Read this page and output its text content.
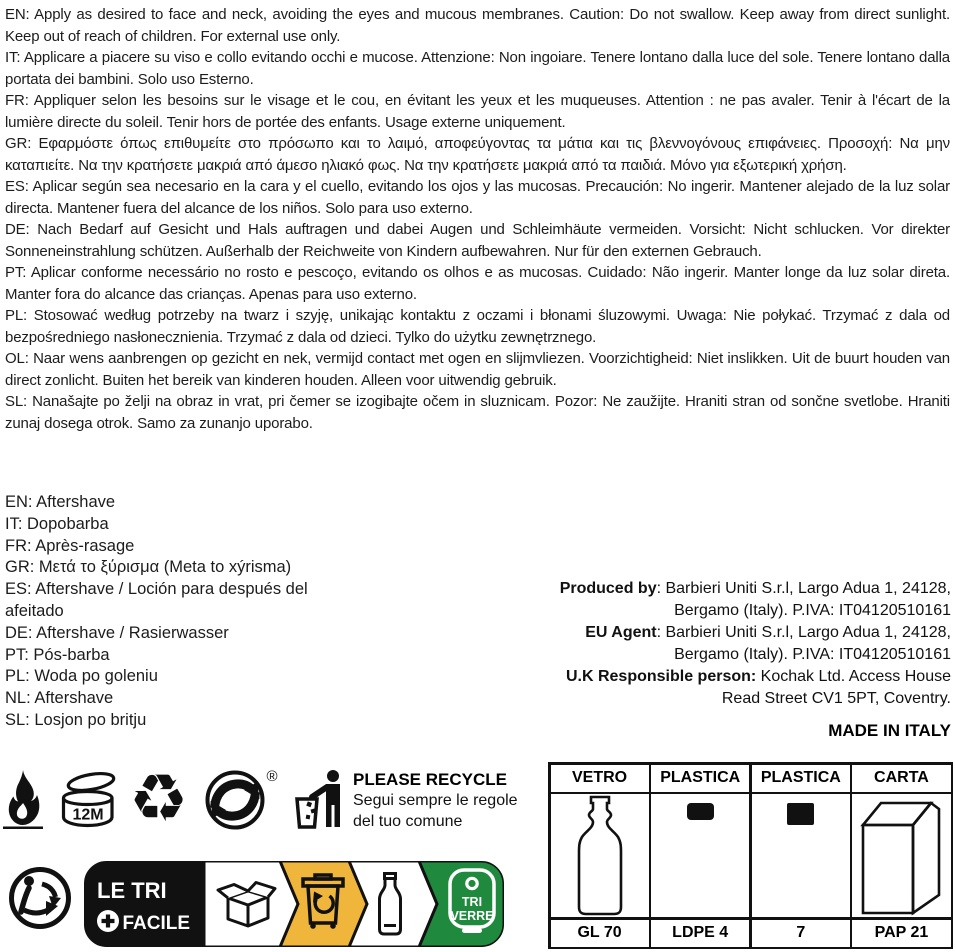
EN: Apply as desired to face and neck, avoiding the eyes and mucous membranes. Caution: Do not swallow. Keep away from direct sunlight. Keep out of reach of children. For external use only.

IT: Applicare a piacere su viso e collo evitando occhi e mucose. Attenzione: Non ingoiare. Tenere lontano dalla luce del sole. Tenere lontano dalla portata dei bambini. Solo uso Esterno.

FR: Appliquer selon les besoins sur le visage et le cou, en évitant les yeux et les muqueuses. Attention : ne pas avaler. Tenir à l'écart de la lumière directe du soleil. Tenir hors de portée des enfants. Usage externe uniquement.

GR: Εφαρμόστε όπως επιθυμείτε στο πρόσωπο και το λαιμό, αποφεύγοντας τα μάτια και τις βλεννογόνους επιφάνειες. Προσοχή: Να μην καταπιείτε. Να την κρατήσετε μακριά από άμεσο ηλιακό φως. Να την κρατήσετε μακριά από τα παιδιά. Μόνο για εξωτερική χρήση.

ES: Aplicar según sea necesario en la cara y el cuello, evitando los ojos y las mucosas. Precaución: No ingerir. Mantener alejado de la luz solar directa. Mantener fuera del alcance de los niños. Solo para uso externo.

DE: Nach Bedarf auf Gesicht und Hals auftragen und dabei Augen und Schleimhäute vermeiden. Vorsicht: Nicht schlucken. Vor direkter Sonneneinstrahlung schützen. Außerhalb der Reichweite von Kindern aufbewahren. Nur für den externen Gebrauch.

PT: Aplicar conforme necessário no rosto e pescoço, evitando os olhos e as mucosas. Cuidado: Não ingerir. Manter longe da luz solar direta. Manter fora do alcance das crianças. Apenas para uso externo.

PL: Stosować według potrzeby na twarz i szyję, unikając kontaktu z oczami i błonami śluzowymi. Uwaga: Nie połykać. Trzymać z dala od bezpośredniego nasłonecznienia. Trzymać z dala od dzieci. Tylko do użytku zewnętrznego.

OL: Naar wens aanbrengen op gezicht en nek, vermijd contact met ogen en slijmvliezen. Voorzichtigheid: Niet inslikken. Uit de buurt houden van direct zonlicht. Buiten het bereik van kinderen houden. Alleen voor uitwendig gebruik.

SL: Nanašajte po želji na obraz in vrat, pri čemer se izogibajte očem in sluznicam. Pozor: Ne zaužijte. Hraniti stran od sončne svetlobe. Hraniti zunaj dosega otrok. Samo za zunanjo uporabo.

EN: Aftershave
IT: Dopobarba
FR: Après-rasage
GR: Μετά το ξύρισμα (Meta to xýrisma)
ES: Aftershave / Loción para después del
afeitado
DE: Aftershave / Rasierwasser
PT: Pós-barba
PL: Woda po goleniu
NL: Aftershave
SL: Losjon po britju
Produced by: Barbieri Uniti S.r.l, Largo Adua 1, 24128,
Bergamo (Italy). P.IVA: IT04120510161
EU Agent: Barbieri Uniti S.r.l, Largo Adua 1, 24128,
Bergamo (Italy). P.IVA: IT04120510161
U.K Responsible person: Kochak Ltd. Access House
Read Street CV1 5PT, Coventry.
MADE IN ITALY
12M ♻	®	PLEASE RECYCLE
Segui sempre le regole
del tuo comune
LE TRI
FACILE
TRI
VERRE
VETRO
GL 70
PLASTICA
LDPE 4
PLASTICA
7
CARTA
PAP 21
